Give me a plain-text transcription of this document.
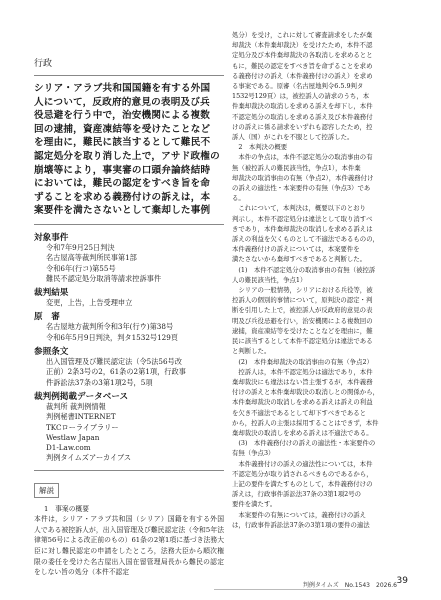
行政
シリア・アラブ共和国国籍を有する外国
人について，反政府的意見の表明及び兵
役忌避を行う中で，治安機関による複数
回の逮捕，資産凍結等を受けたことなど
を理由に，難民に該当するとして難民不
認定処分を取り消した上で，アサド政権の
崩壊等により，事実審の口頭弁論終結時
においては，難民の認定をすべき旨を命
ずることを求める義務付けの訴えは，本
案要件を満たさないとして棄却した事例
対象事件
令和7年9月25日判決
名古屋高等裁判所民事第1部
令和6年(行コ)第55号
難民不認定処分取消等請求控訴事件
裁判結果
変更，上告，上告受理申立
原　審
名古屋地方裁判所令和3年(行ウ)第38号
令和6年5月9日判決，判タ1532号129頁
参照条文
出入国管理及び難民認定法（令5法56号改
正前）2条3号の2，61条の2第1項，行政事
件訴訟法37条の3第1項2号，5項
裁判例掲載データベース
裁判所 裁判例情報
判例秘書INTERNET
TKCローライブラリー
Westlaw Japan
D1-Law.com
判例タイムズアーカイブス
解説
1　事案の概要
本件は，シリア・アラブ共和国（シリア）国籍を有する外国人である被控訴人が，出入国管理及び難民認定法（令和5年法律第56号による改正前のもの）61条の2第1項に基づき法務大臣に対し難民認定の申請をしたところ，法務大臣から順次権限の委任を受けた名古屋出入国在留管理局長から難民の認定をしない旨の処分（本件不認定
処分）を受け，これに対して審査請求をしたが棄
却裁決（本件棄却裁決）を受けたため，本件不認
定処分及び本件棄却裁決の各取消しを求めるとと
もに，難民の認定をすべき旨を命ずることを求め
る義務付けの訴え（本件義務付けの訴え）を求め
る事案である。原審（名古屋地判令6.5.9判タ
1532号129頁）は，被控訴人の請求のうち，本
件棄却裁決の取消しを求める訴えを却下し，本件
不認定処分の取消しを求める訴え及び本件義務付
けの訴えに係る請求をいずれも認容したため，控
訴人（国）がこれを不服として控訴した。
　2　本判決の概要
　本件の争点は，本件不認定処分の取消事由の有
無（被控訴人の難民該当性，争点1），本件棄
却裁決の取消事由の有無（争点2），本件義務付け
の訴えの適法性・本案要件の有無（争点3）であ
る。
　これについて，本判決は，概要以下のとおり
判示し，本件不認定処分は違法として取り消すべ
きであり，本件棄却裁決の取消しを求める訴えは
訴えの利益を欠くものとして不適法であるものの，
本件義務付けの訴えについては，本案要件を
満たさないから棄却すべきであると判断した。
　(1)　本件不認定処分の取消事由の有無（被控訴
人の難民該当性，争点1）
　シリアの一般情勢，シリアにおける兵役等，被
控訴人の個別的事情について，原判決の認定・判
断を引用した上で，被控訴人が反政府的意見の表
明及び兵役忌避を行い，治安機関による複数回の
逮捕，資産凍結等を受けたことなどを理由に，難
民に該当するとして本件不認定処分は違法である
と判断した。
　(2)　本件棄却裁決の取消事由の有無（争点2）
　控訴人は，本件不認定処分は適法であり，本件
棄却裁決にも違法はない旨主張するが，本件義務
付けの訴えと本件棄却裁決の取消しとの関係から，
本件棄却裁決の取消しを求める訴えは訴えの利益
を欠き不適法であるとして却下すべきであると
から，控訴人の主張は採用することはできず，本件
棄却裁決の取消しを求める訴えは不適法である。
　(3)　本件義務付けの訴えの適法性・本案要件の
有無（争点3）
　本件義務付けの訴えの適法性については，本件
不認定処分が取り消されるべきものであるから，
上記の要件を満たすものとして，本件義務付けの
訴えは，行政事件訴訟法37条の3第1項2号の
要件を満たす。
　本案要件の有無については，義務付けの訴え
は，行政事件訴訟法37条の3第1項の要件の適法
判例タイムズ　No.1543　2026.6 39
